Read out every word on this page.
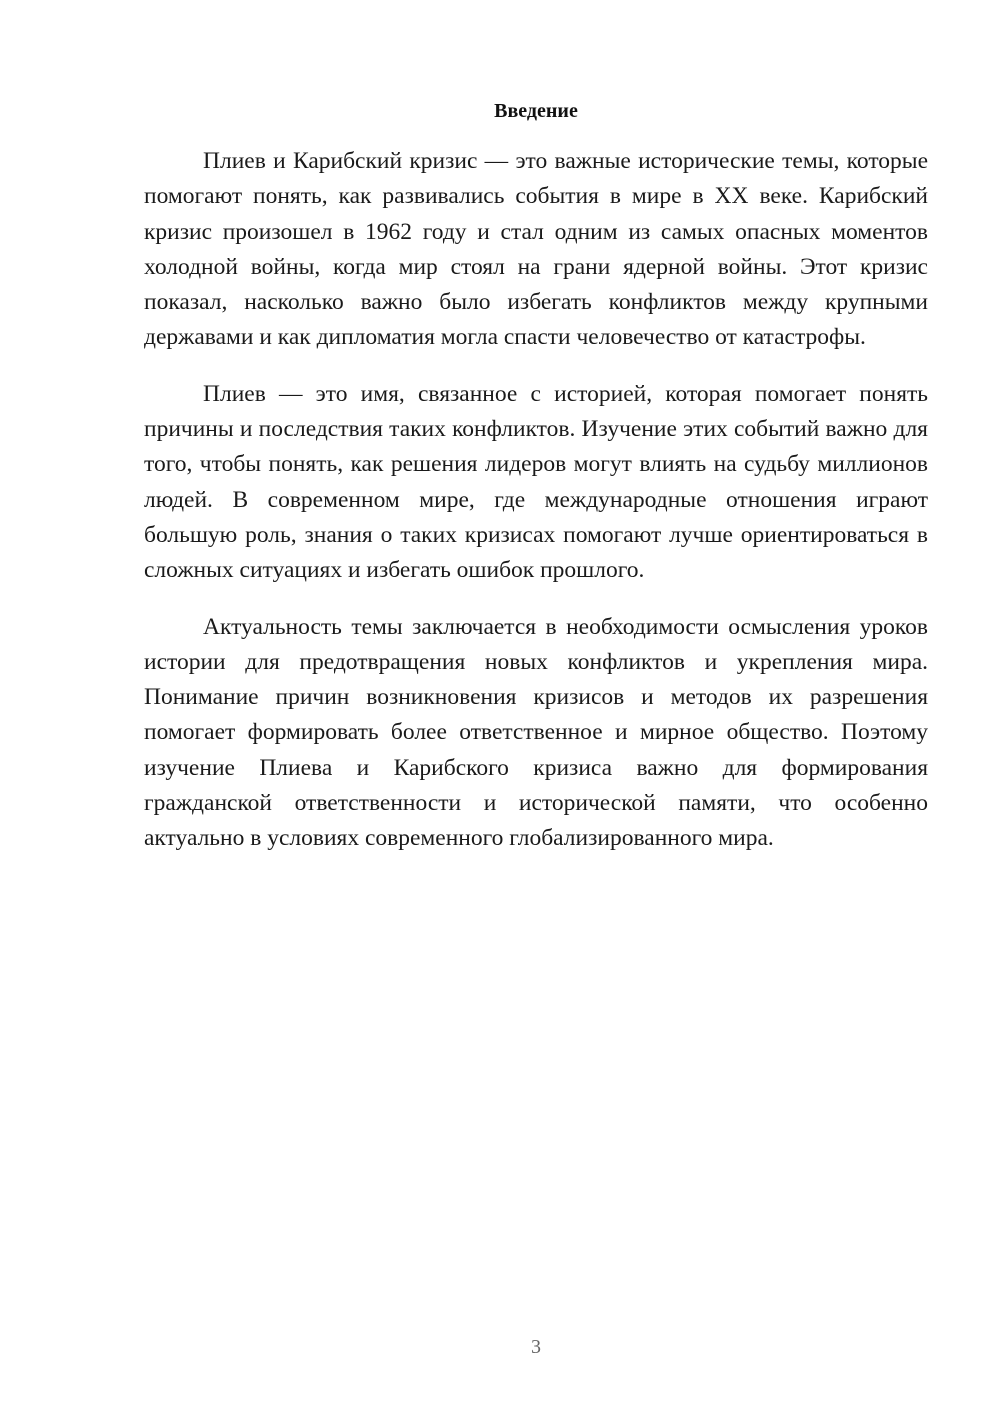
Введение

Плиев и Карибский кризис — это важные исторические темы, которые помогают понять, как развивались события в мире в XX веке. Карибский кризис произошел в 1962 году и стал одним из самых опасных моментов холодной войны, когда мир стоял на грани ядерной войны. Этот кризис показал, насколько важно было избегать конфликтов между крупными державами и как дипломатия могла спасти человечество от катастрофы.

Плиев — это имя, связанное с историей, которая помогает понять причины и последствия таких конфликтов. Изучение этих событий важно для того, чтобы понять, как решения лидеров могут влиять на судьбу миллионов людей. В современном мире, где международные отношения играют большую роль, знания о таких кризисах помогают лучше ориентироваться в сложных ситуациях и избегать ошибок прошлого.

Актуальность темы заключается в необходимости осмысления уроков истории для предотвращения новых конфликтов и укрепления мира. Понимание причин возникновения кризисов и методов их разрешения помогает формировать более ответственное и мирное общество. Поэтому изучение Плиева и Карибского кризиса важно для формирования гражданской ответственности и исторической памяти, что особенно актуально в условиях современного глобализированного мира.

3
